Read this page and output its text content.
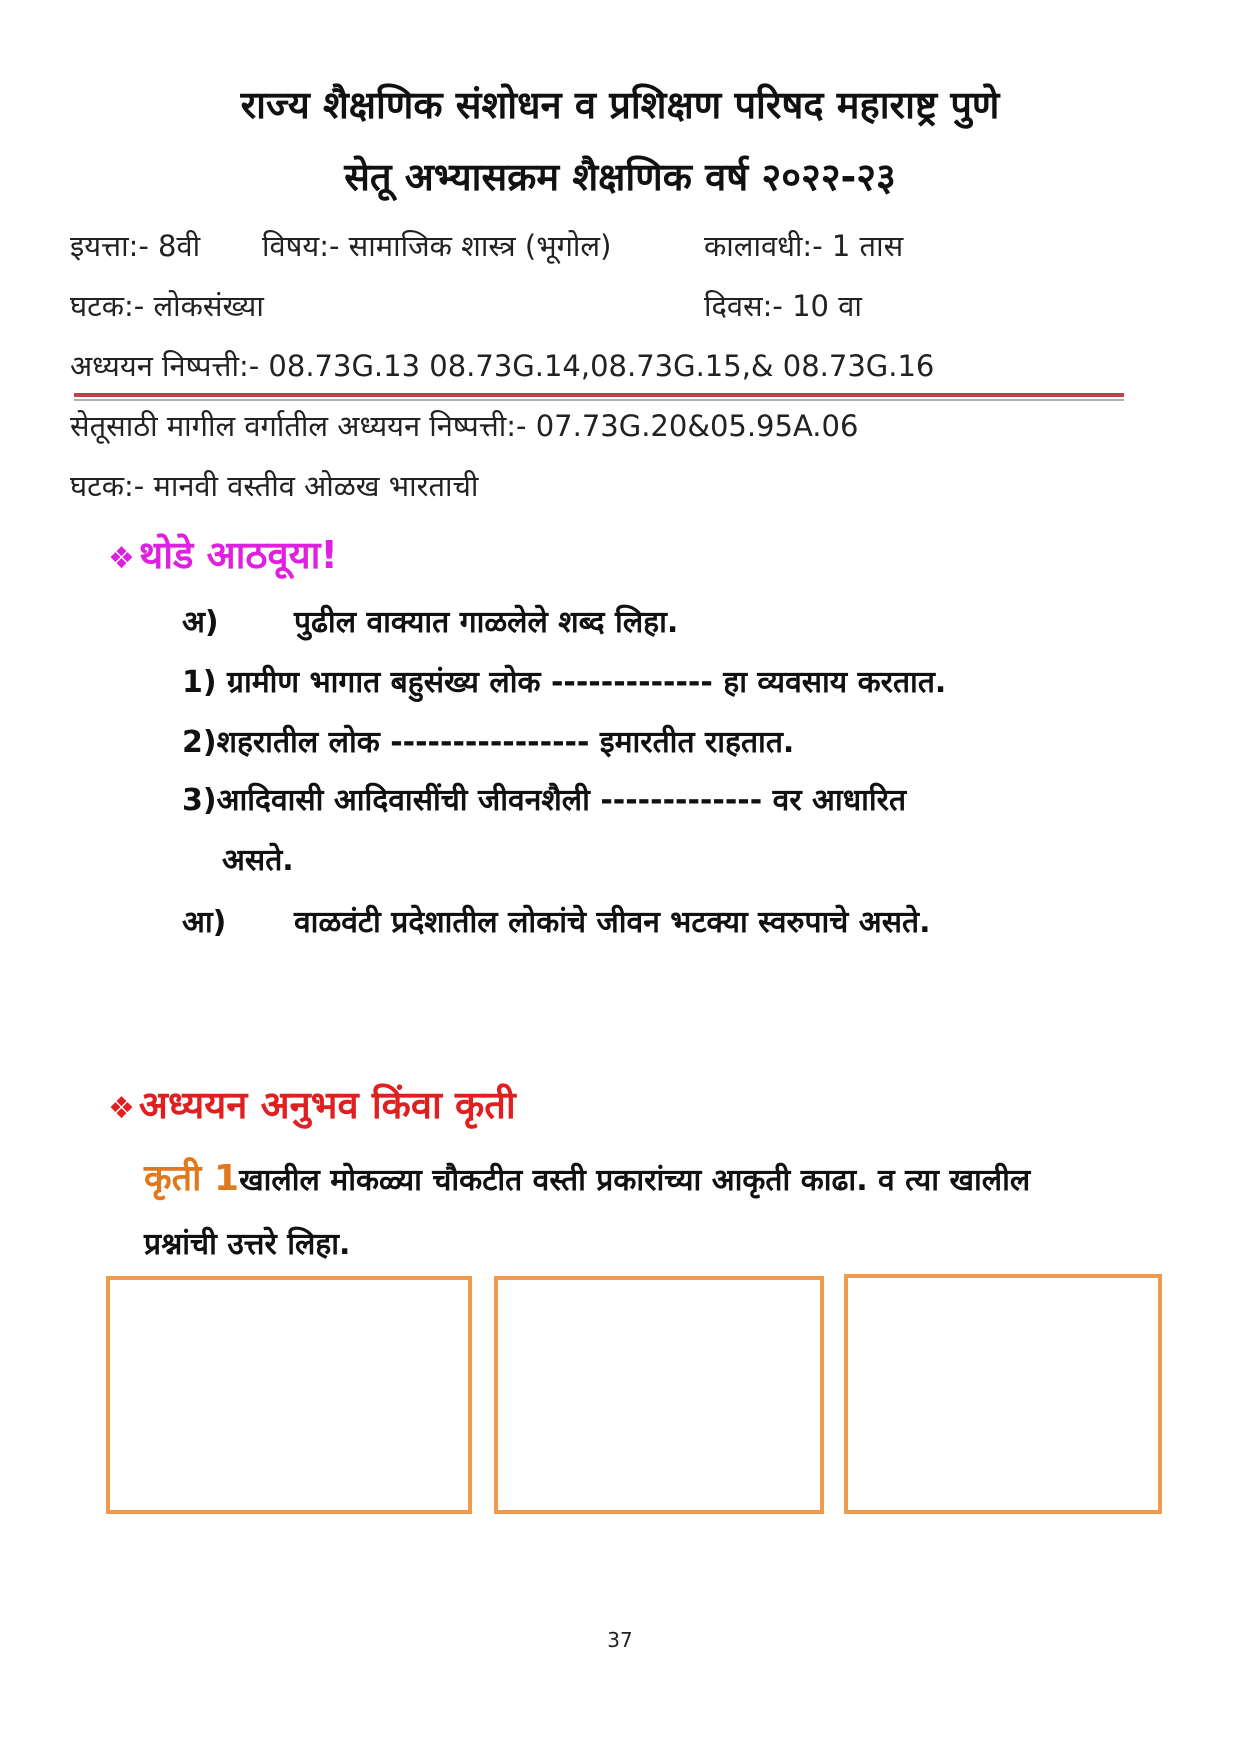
राज्य शैक्षणिक संशोधन व प्रशिक्षण परिषद महाराष्ट्र पुणे
सेतू अभ्यासक्रम शैक्षणिक वर्ष २०२२-२३
इयत्ता:- 8वी विषय:- सामाजिक शास्त्र (भूगोल)	कालावधी:- 1 तास
घटक:- लोकसंख्या	दिवस:- 10 वा
अध्ययन निष्पत्ती:- 08.73G.13 08.73G.14,08.73G.15,& 08.73G.16
सेतूसाठी मागील वर्गातील अध्ययन निष्पत्ती:- 07.73G.20&05.95A.06
घटक:- मानवी वस्तीव ओळख भारताची
❖ थोडे आठवूया!
अ)	पुढील वाक्यात गाळलेले शब्द लिहा.
1) ग्रामीण भागात बहुसंख्य लोक ------------- हा व्यवसाय करतात.
2)शहरातील लोक ---------------- इमारतीत राहतात.
3)आदिवासी आदिवासींची जीवनशैली ------------- वर आधारित
असते.
आ) वाळवंटी प्रदेशातील लोकांचे जीवन भटक्या स्वरुपाचे असते.
❖ अध्ययन अनुभव किंवा कृती
कृती 1खालील मोकळ्या चौकटीत वस्ती प्रकारांच्या आकृती काढा. व त्या खालील
प्रश्नांची उत्तरे लिहा.
37
